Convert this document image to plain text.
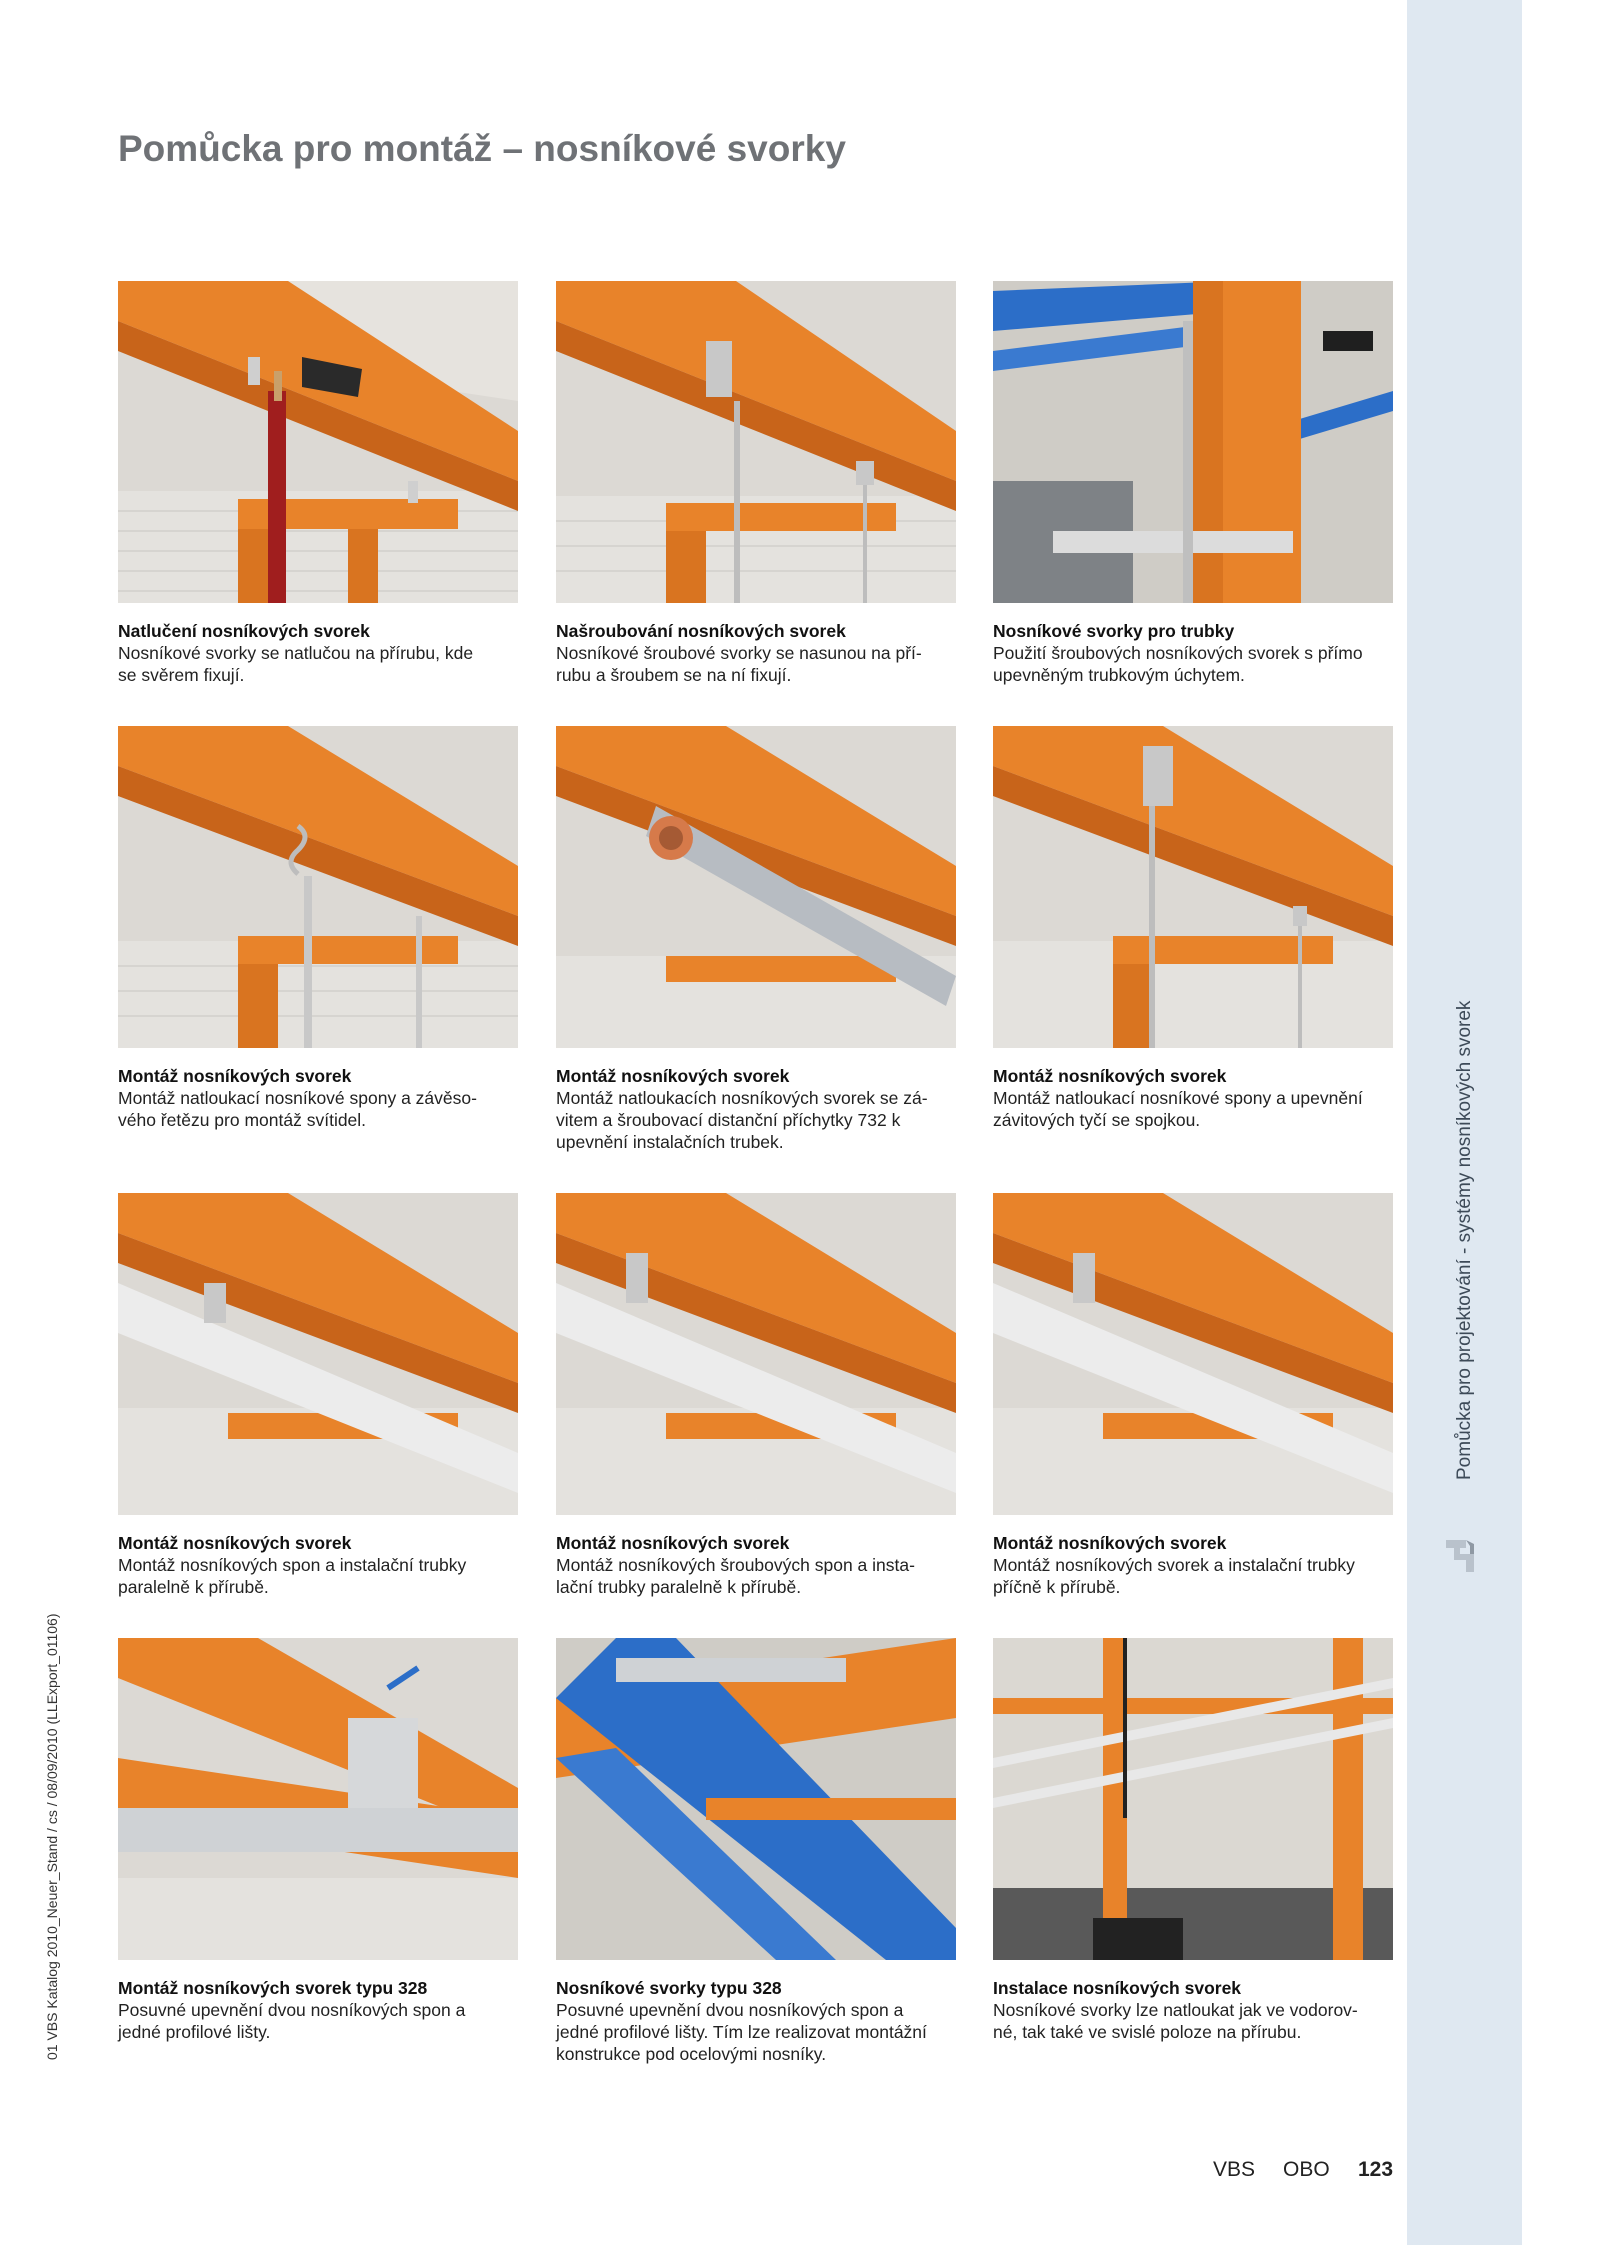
Pomůcka pro projektování - systémy nosníkových svorek
01 VBS Katalog 2010_Neuer_Stand / cs / 08/09/2010 (LLExport_01106)
Pomůcka pro montáž – nosníkové svorky
Natlučení nosníkových svorek
Nosníkové svorky se natlučou na přírubu, kde
se svěrem fixují.
Našroubování nosníkových svorek
Nosníkové šroubové svorky se nasunou na pří-
rubu a šroubem se na ní fixují.
Nosníkové svorky pro trubky
Použití šroubových nosníkových svorek s přímo
upevněným trubkovým úchytem.
Montáž nosníkových svorek
Montáž natloukací nosníkové spony a závěso-
vého řetězu pro montáž svítidel.
Montáž nosníkových svorek
Montáž natloukacích nosníkových svorek se zá-
vitem a šroubovací distanční příchytky 732 k
upevnění instalačních trubek.
Montáž nosníkových svorek
Montáž natloukací nosníkové spony a upevnění
závitových tyčí se spojkou.
Montáž nosníkových svorek
Montáž nosníkových spon a instalační trubky
paralelně k přírubě.
Montáž nosníkových svorek
Montáž nosníkových šroubových spon a insta-
lační trubky paralelně k přírubě.
Montáž nosníkových svorek
Montáž nosníkových svorek a instalační trubky
příčně k přírubě.
Montáž nosníkových svorek typu 328
Posuvné upevnění dvou nosníkových spon a
jedné profilové lišty.
Nosníkové svorky typu 328
Posuvné upevnění dvou nosníkových spon a
jedné profilové lišty. Tím lze realizovat montážní
konstrukce pod ocelovými nosníky.
Instalace nosníkových svorek
Nosníkové svorky lze natloukat jak ve vodorov-
né, tak také ve svislé poloze na přírubu.
VBS OBO 123
